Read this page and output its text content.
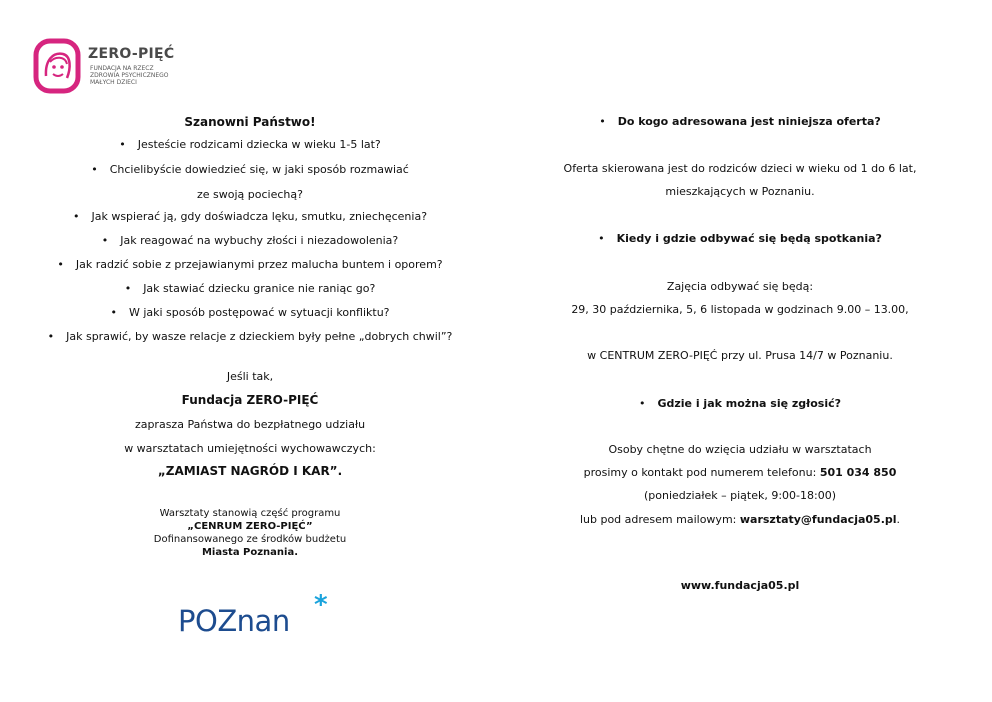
ZERO-PIĘĆ
FUNDACJA NA RZECZ
ZDROWIA PSYCHICZNEGO
MAŁYCH DZIECI
Szanowni Państwo!
• Jesteście rodzicami dziecka w wieku 1-5 lat?
• Chcielibyście dowiedzieć się, w jaki sposób rozmawiać
ze swoją pociechą?
• Jak wspierać ją, gdy doświadcza lęku, smutku, zniechęcenia?
• Jak reagować na wybuchy złości i niezadowolenia?
• Jak radzić sobie z przejawianymi przez malucha buntem i oporem?
• Jak stawiać dziecku granice nie raniąc go?
• W jaki sposób postępować w sytuacji konfliktu?
• Jak sprawić, by wasze relacje z dzieckiem były pełne „dobrych chwil”?
Jeśli tak,
Fundacja ZERO-PIĘĆ
zaprasza Państwa do bezpłatnego udziału
w warsztatach umiejętności wychowawczych:
„ZAMIAST NAGRÓD I KAR”.
Warsztaty stanowią część programu
„CENRUM ZERO-PIĘĆ”
Dofinansowanego ze środków budżetu
Miasta Poznania.
POZnan *
• Do kogo adresowana jest niniejsza oferta?
Oferta skierowana jest do rodziców dzieci w wieku od 1 do 6 lat,
mieszkających w Poznaniu.
• Kiedy i gdzie odbywać się będą spotkania?
Zajęcia odbywać się będą:
29, 30 października, 5, 6 listopada w godzinach 9.00 – 13.00,
w CENTRUM ZERO-PIĘĆ przy ul. Prusa 14/7 w Poznaniu.
• Gdzie i jak można się zgłosić?
Osoby chętne do wzięcia udziału w warsztatach
prosimy o kontakt pod numerem telefonu: 501 034 850
(poniedziałek – piątek, 9:00-18:00)
lub pod adresem mailowym: warsztaty@fundacja05.pl.
www.fundacja05.pl
